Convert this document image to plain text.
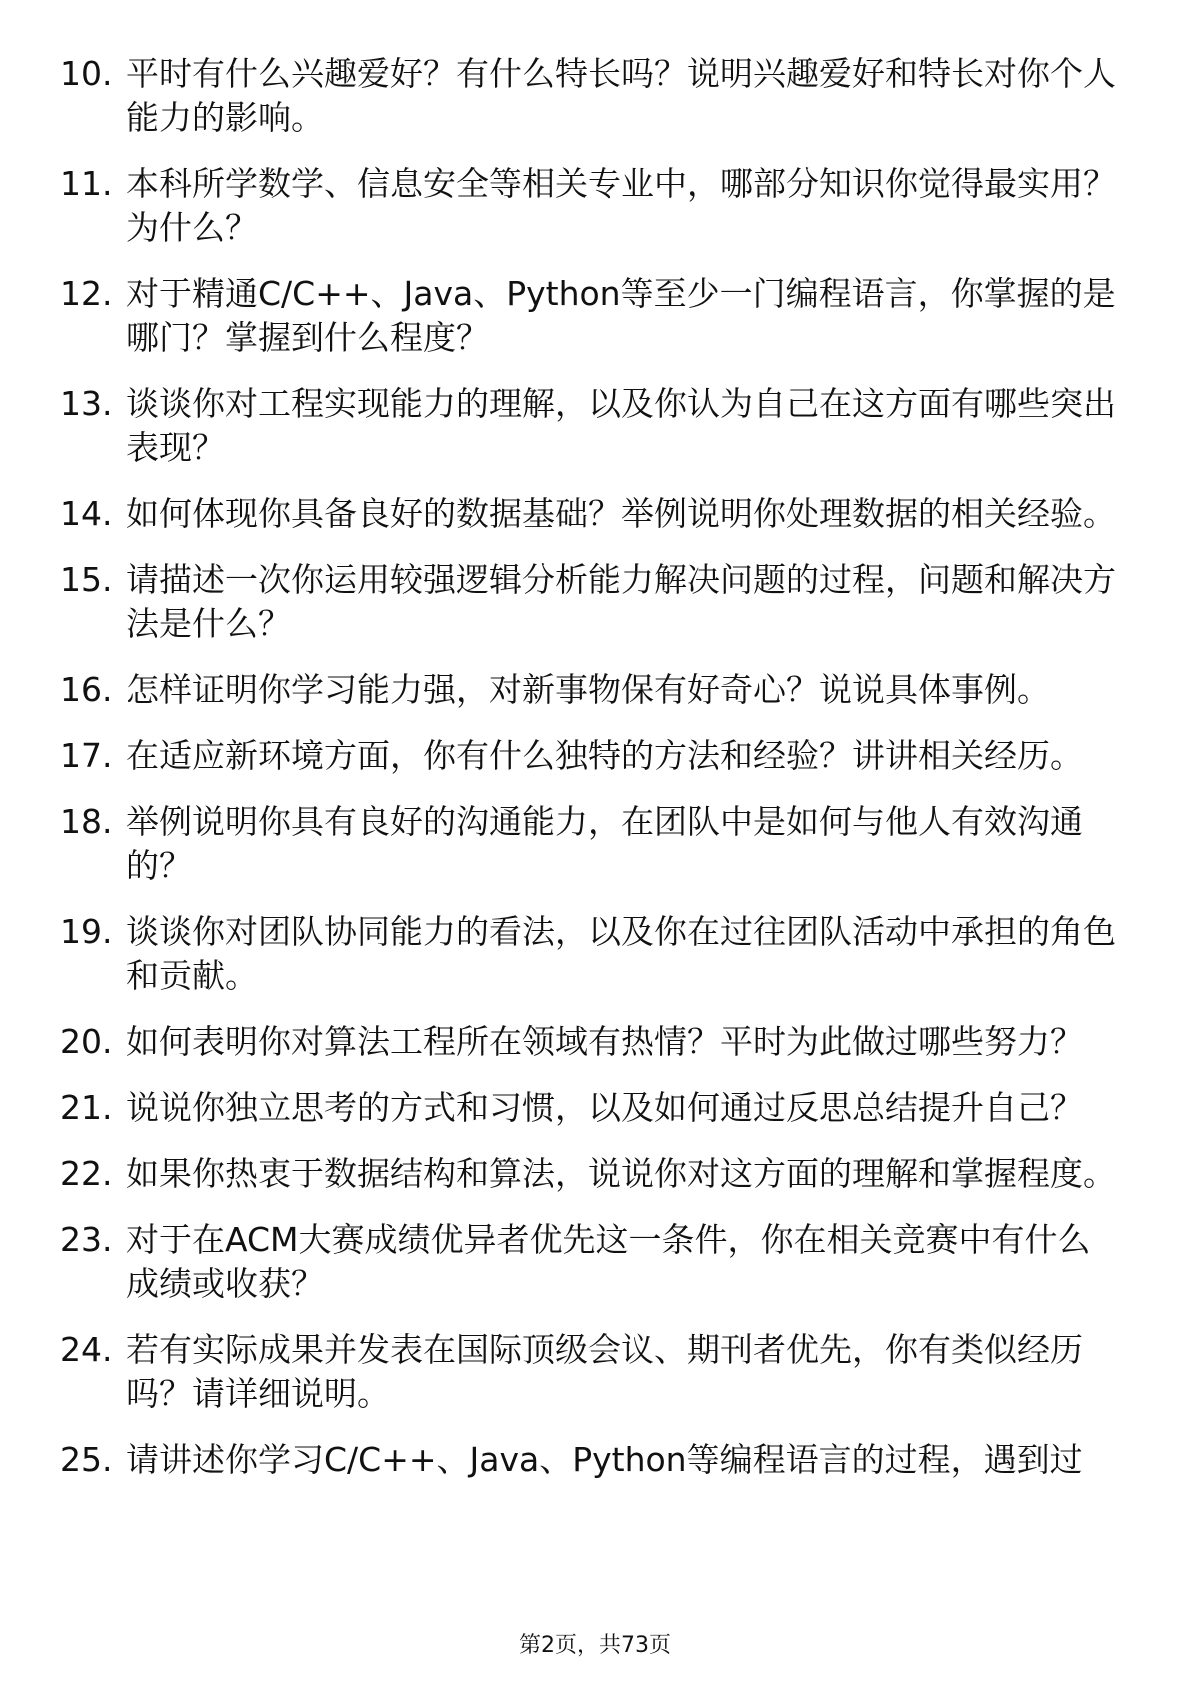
10. 平时有什么兴趣爱好？有什么特长吗？说明兴趣爱好和特长对你个人能力的影响。
11. 本科所学数学、信息安全等相关专业中，哪部分知识你觉得最实用？为什么？
12. 对于精通C/C++、Java、Python等至少一门编程语言，你掌握的是哪门？掌握到什么程度？
13. 谈谈你对工程实现能力的理解，以及你认为自己在这方面有哪些突出表现？
14. 如何体现你具备良好的数据基础？举例说明你处理数据的相关经验。
15. 请描述一次你运用较强逻辑分析能力解决问题的过程，问题和解决方法是什么？
16. 怎样证明你学习能力强，对新事物保有好奇心？说说具体事例。
17. 在适应新环境方面，你有什么独特的方法和经验？讲讲相关经历。
18. 举例说明你具有良好的沟通能力，在团队中是如何与他人有效沟通的？
19. 谈谈你对团队协同能力的看法，以及你在过往团队活动中承担的角色和贡献。
20. 如何表明你对算法工程所在领域有热情？平时为此做过哪些努力？
21. 说说你独立思考的方式和习惯，以及如何通过反思总结提升自己？
22. 如果你热衷于数据结构和算法，说说你对这方面的理解和掌握程度。
23. 对于在ACM大赛成绩优异者优先这一条件，你在相关竞赛中有什么成绩或收获？
24. 若有实际成果并发表在国际顶级会议、期刊者优先，你有类似经历吗？请详细说明。
25. 请讲述你学习C/C++、Java、Python等编程语言的过程，遇到过
第2页，共73页
